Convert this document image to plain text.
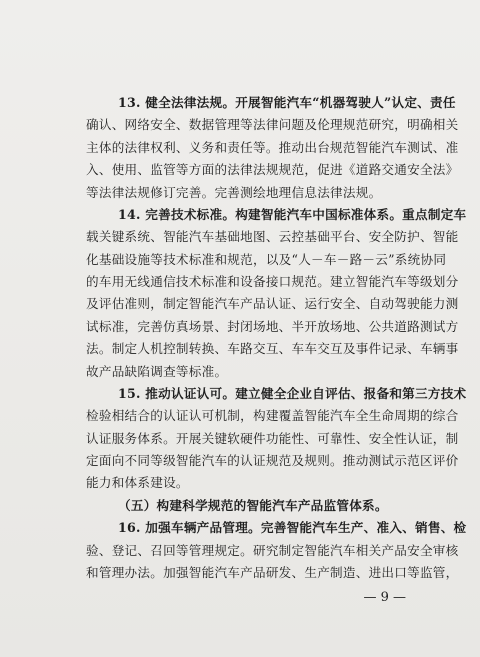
13. 健全法律法规。开展智能汽车“机器驾驶人”认定、责任

确认、网络安全、数据管理等法律问题及伦理规范研究，明确相关

主体的法律权利、义务和责任等。推动出台规范智能汽车测试、准

入、使用、监管等方面的法律法规规范，促进《道路交通安全法》

等法律法规修订完善。完善测绘地理信息法律法规。

14. 完善技术标准。构建智能汽车中国标准体系。重点制定车

载关键系统、智能汽车基础地图、云控基础平台、安全防护、智能

化基础设施等技术标准和规范，以及“人－车－路－云”系统协同

的车用无线通信技术标准和设备接口规范。建立智能汽车等级划分

及评估准则，制定智能汽车产品认证、运行安全、自动驾驶能力测

试标准，完善仿真场景、封闭场地、半开放场地、公共道路测试方

法。制定人机控制转换、车路交互、车车交互及事件记录、车辆事

故产品缺陷调查等标准。

15. 推动认证认可。建立健全企业自评估、报备和第三方技术

检验相结合的认证认可机制，构建覆盖智能汽车全生命周期的综合

认证服务体系。开展关键软硬件功能性、可靠性、安全性认证，制

定面向不同等级智能汽车的认证规范及规则。推动测试示范区评价

能力和体系建设。

（五）构建科学规范的智能汽车产品监管体系。

16. 加强车辆产品管理。完善智能汽车生产、准入、销售、检

验、登记、召回等管理规定。研究制定智能汽车相关产品安全审核

和管理办法。加强智能汽车产品研发、生产制造、进出口等监管，

— 9 —
